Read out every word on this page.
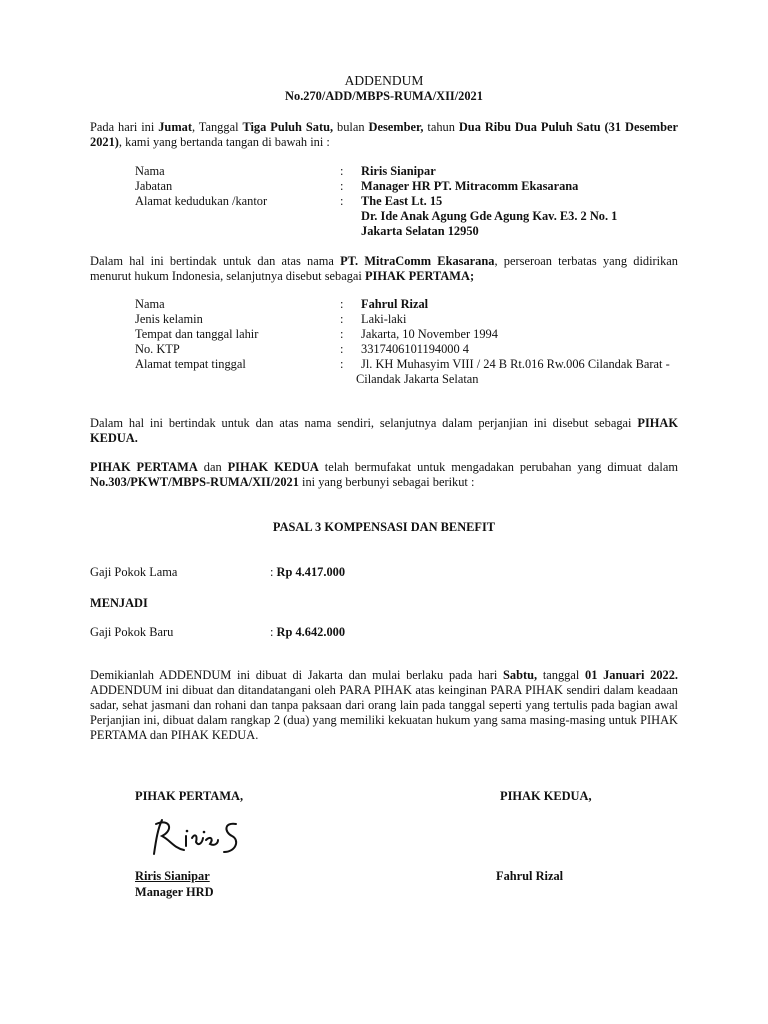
ADDENDUM
No.270/ADD/MBPS-RUMA/XII/2021
Pada hari ini Jumat, Tanggal Tiga Puluh Satu, bulan Desember, tahun Dua Ribu Dua Puluh Satu (31 Desember 2021), kami yang bertanda tangan di bawah ini :
Nama	: Riris Sianipar
Jabatan	: Manager HR PT. Mitracomm Ekasarana
Alamat kedudukan /kantor	: The East Lt. 15
Dr. Ide Anak Agung Gde Agung Kav. E3. 2 No. 1
Jakarta Selatan 12950
Dalam hal ini bertindak untuk dan atas nama PT. MitraComm Ekasarana, perseroan terbatas yang didirikan menurut hukum Indonesia, selanjutnya disebut sebagai PIHAK PERTAMA;
Nama	: Fahrul Rizal
Jenis kelamin	: Laki-laki
Tempat dan tanggal lahir	: Jakarta, 10 November 1994
No. KTP	: 3317406101194000 4
Alamat tempat tinggal	: Jl. KH Muhasyim VIII / 24 B Rt.016 Rw.006 Cilandak Barat -
Cilandak Jakarta Selatan
Dalam hal ini bertindak untuk dan atas nama sendiri, selanjutnya dalam perjanjian ini disebut sebagai PIHAK KEDUA.
PIHAK PERTAMA dan PIHAK KEDUA telah bermufakat untuk mengadakan perubahan yang dimuat dalam No.303/PKWT/MBPS-RUMA/XII/2021 ini yang berbunyi sebagai berikut :
PASAL 3 KOMPENSASI DAN BENEFIT
Gaji Pokok Lama	: Rp 4.417.000
MENJADI
Gaji Pokok Baru	: Rp 4.642.000
Demikianlah ADDENDUM ini dibuat di Jakarta dan mulai berlaku pada hari Sabtu, tanggal 01 Januari 2022. ADDENDUM ini dibuat dan ditandatangani oleh PARA PIHAK atas keinginan PARA PIHAK sendiri dalam keadaan sadar, sehat jasmani dan rohani dan tanpa paksaan dari orang lain pada tanggal seperti yang tertulis pada bagian awal Perjanjian ini, dibuat dalam rangkap 2 (dua) yang memiliki kekuatan hukum yang sama masing-masing untuk PIHAK PERTAMA dan PIHAK KEDUA.
PIHAK PERTAMA,	PIHAK KEDUA,
Riris Sianipar
Manager HRD
Fahrul Rizal
